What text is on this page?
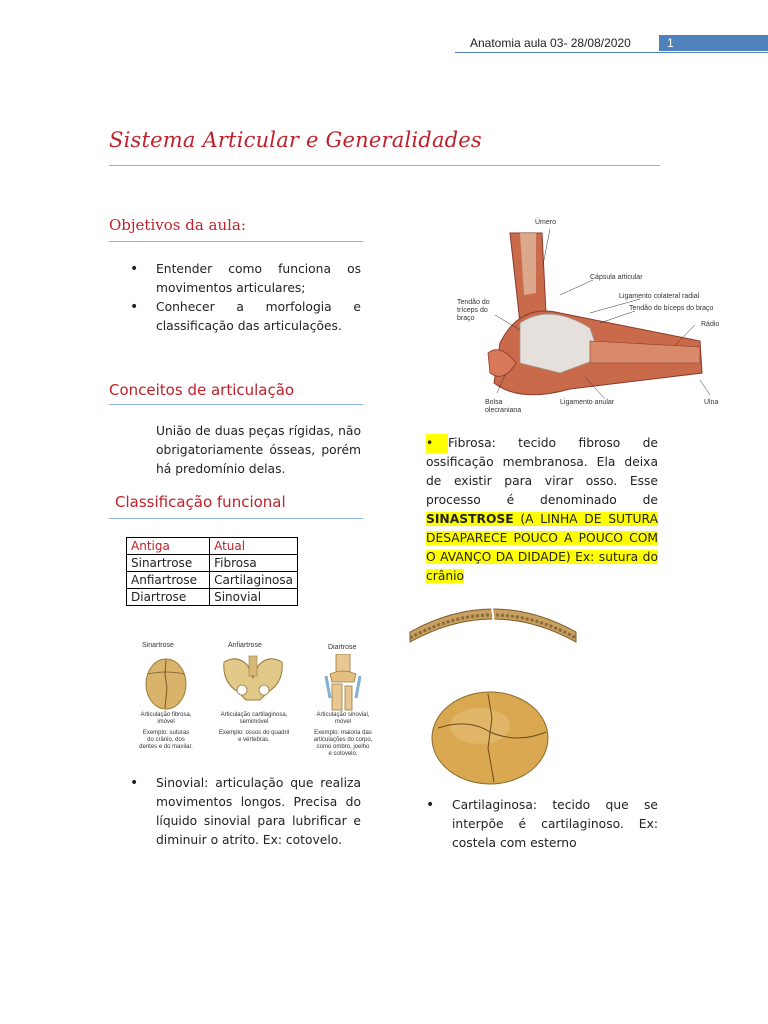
Anatomia aula 03- 28/08/2020	1
Sistema Articular e Generalidades
Objetivos da aula:
• Entender como funciona os movimentos articulares;
• Conhecer a morfologia e classificação das articulações.
Conceitos de articulação
União de duas peças rígidas, não obrigatoriamente ósseas, porém há predomínio delas.
Classificação funcional
Antiga	Atual
Sinartrose	Fibrosa
Anfiartrose	Cartilaginosa
Diartrose	Sinovial
Sinartrose	Anfiartrose	Diartrose
Articulação fibrosa,
imóvel
Exemplo: suturas
do crânio, dos
dentes e do maxilar.
Articulação cartilaginosa,
semimóvel
Exemplo: ossos do quadril
e vértebras.
Articulação sinovial,
móvel
Exemplo: maioria das
articulações do corpo,
como ombro, joelho
e cotovelo.
• Sinovial: articulação que realiza movimentos longos. Precisa do líquido sinovial para lubrificar e diminuir o atrito. Ex: cotovelo.
Úmero
Cápsula articular
Ligamento colateral radial
Tendão do bíceps do braço
Rádio
Tendão do
tríceps do
braço
Bolsa
olecraniana
Ligamento anular	Ulna
• Fibrosa: tecido fibroso de ossificação membranosa. Ela deixa de existir para virar osso. Esse processo é denominado de SINASTROSE (A LINHA DE SUTURA DESAPARECE POUCO A POUCO COM O AVANÇO DA DIDADE) Ex: sutura do crânio
• Cartilaginosa: tecido que se interpõe é cartilaginoso. Ex: costela com esterno
